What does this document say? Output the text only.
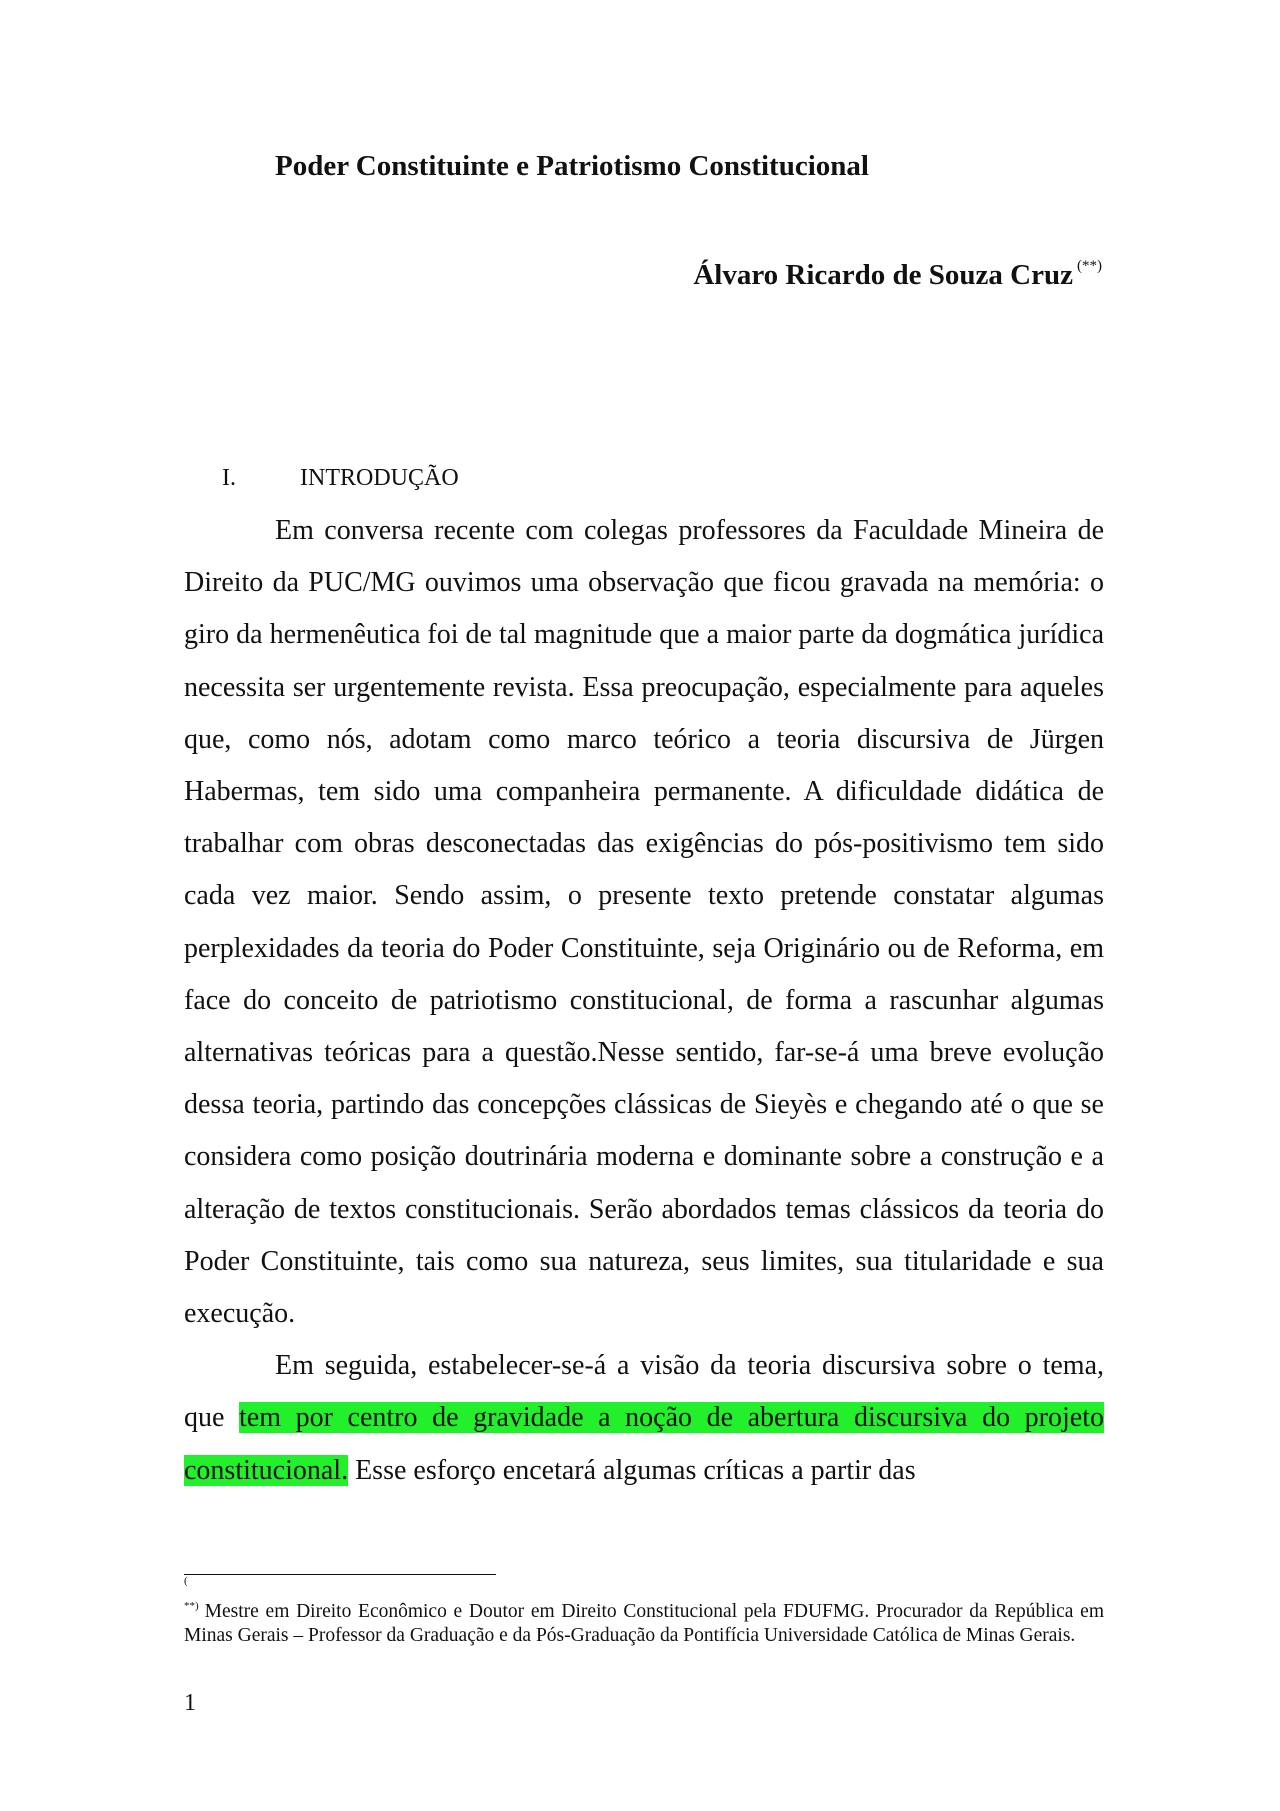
Poder Constituinte e Patriotismo Constitucional
Álvaro Ricardo de Souza Cruz (**)
I.	INTRODUÇÃO

Em conversa recente com colegas professores da Faculdade Mineira de Direito da PUC/MG ouvimos uma observação que ficou gravada na memória: o giro da hermenêutica foi de tal magnitude que a maior parte da dogmática jurídica necessita ser urgentemente revista. Essa preocupação, especialmente para aqueles que, como nós, adotam como marco teórico a teoria discursiva de Jürgen Habermas, tem sido uma companheira permanente. A dificuldade didática de trabalhar com obras desconectadas das exigências do pós-positivismo tem sido cada vez maior. Sendo assim, o presente texto pretende constatar algumas perplexidades da teoria do Poder Constituinte, seja Originário ou de Reforma, em face do conceito de patriotismo constitucional, de forma a rascunhar algumas alternativas teóricas para a questão.Nesse sentido, far-se-á uma breve evolução dessa teoria, partindo das concepções clássicas de Sieyès e chegando até o que se considera como posição doutrinária moderna e dominante sobre a construção e a alteração de textos constitucionais. Serão abordados temas clássicos da teoria do Poder Constituinte, tais como sua natureza, seus limites, sua titularidade e sua execução.

Em seguida, estabelecer-se-á a visão da teoria discursiva sobre o tema, que tem por centro de gravidade a noção de abertura discursiva do projeto constitucional. Esse esforço encetará algumas críticas a partir das

(
**) Mestre em Direito Econômico e Doutor em Direito Constitucional pela FDUFMG. Procurador da República em Minas Gerais – Professor da Graduação e da Pós-Graduação da Pontifícia Universidade Católica de Minas Gerais.
1
